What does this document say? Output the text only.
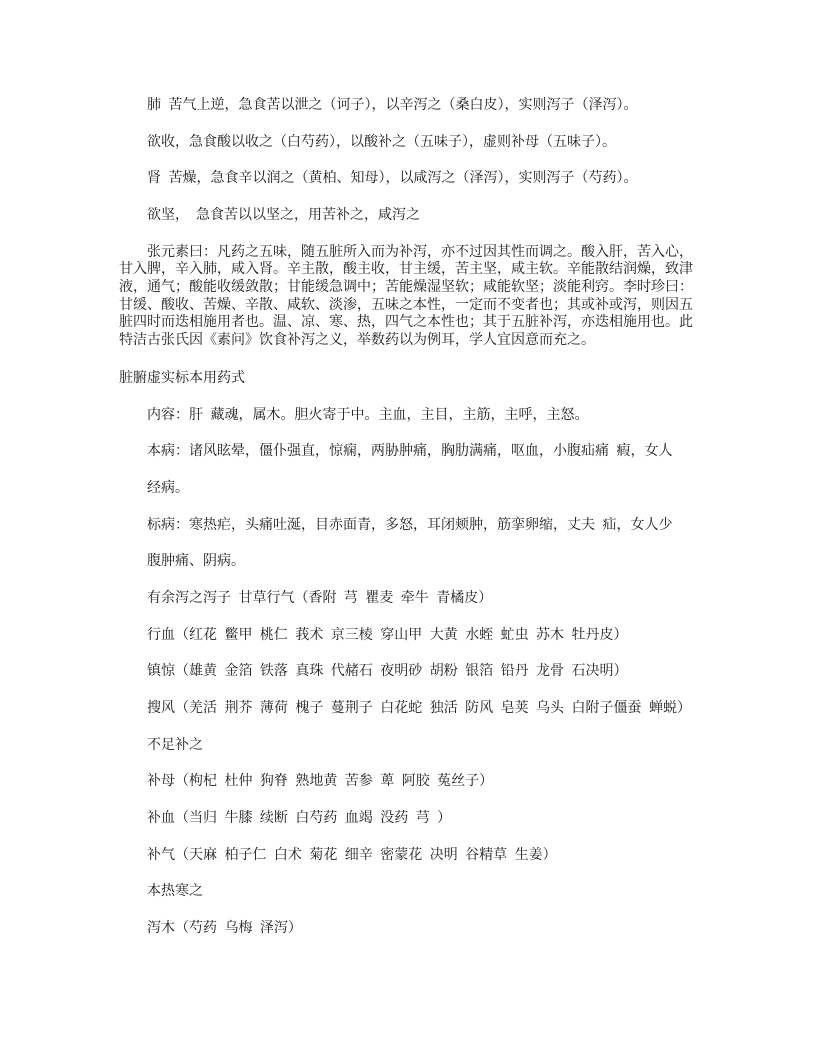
肺 苦气上逆，急食苦以泄之（诃子），以辛泻之（桑白皮），实则泻子（泽泻）。
欲收，急食酸以收之（白芍药），以酸补之（五味子），虚则补母（五味子）。
肾 苦燥，急食辛以润之（黄柏、知母），以咸泻之（泽泻），实则泻子（芍药）。
欲坚，　急食苦以以坚之，用苦补之，咸泻之
张元素曰：凡药之五味，随五脏所入而为补泻，亦不过因其性而调之。酸入肝，苦入心，
甘入脾，辛入肺，咸入肾。辛主散，酸主收，甘主缓，苦主坚，咸主软。辛能散结润燥，致津
液，通气；酸能收缓敛散；甘能缓急调中；苦能燥湿坚软；咸能软坚；淡能利窍。李时珍曰：
甘缓、酸收、苦燥、辛散、咸软、淡渗，五味之本性，一定而不变者也；其或补或泻，则因五
脏四时而迭相施用者也。温、凉、寒、热，四气之本性也；其于五脏补泻，亦迭相施用也。此
特洁古张氏因《素问》饮食补泻之义，举数药以为例耳，学人宜因意而充之。
脏腑虚实标本用药式
内容：肝 藏魂，属木。胆火寄于中。主血，主目，主筋，主呼，主怒。
本病：诸风眩晕，僵仆强直，惊痫，两胁肿痛，胸肋满痛，呕血，小腹疝痛 瘕，女人
经病。
标病：寒热疟，头痛吐涎，目赤面青，多怒，耳闭颊肿，筋挛卵缩，丈夫 疝，女人少
腹肿痛、阴病。
有余泻之泻子 甘草行气（香附 芎 瞿麦 牵牛 青橘皮）
行血（红花 鳖甲 桃仁 莪术 京三棱 穿山甲 大黄 水蛭 虻虫 苏木 牡丹皮）
镇惊（雄黄 金箔 铁落 真珠 代赭石 夜明砂 胡粉 银箔 铅丹 龙骨 石决明）
搜风（羌活 荆芥 薄荷 槐子 蔓荆子 白花蛇 独活 防风 皂荚 乌头 白附子僵蚕 蝉蜕）
不足补之
补母（枸杞 杜仲 狗脊 熟地黄 苦参 萆 阿胶 菟丝子）
补血（当归 牛膝 续断 白芍药 血竭 没药 芎 ）
补气（天麻 柏子仁 白术 菊花 细辛 密蒙花 决明 谷精草 生姜）
本热寒之
泻木（芍药 乌梅 泽泻）
